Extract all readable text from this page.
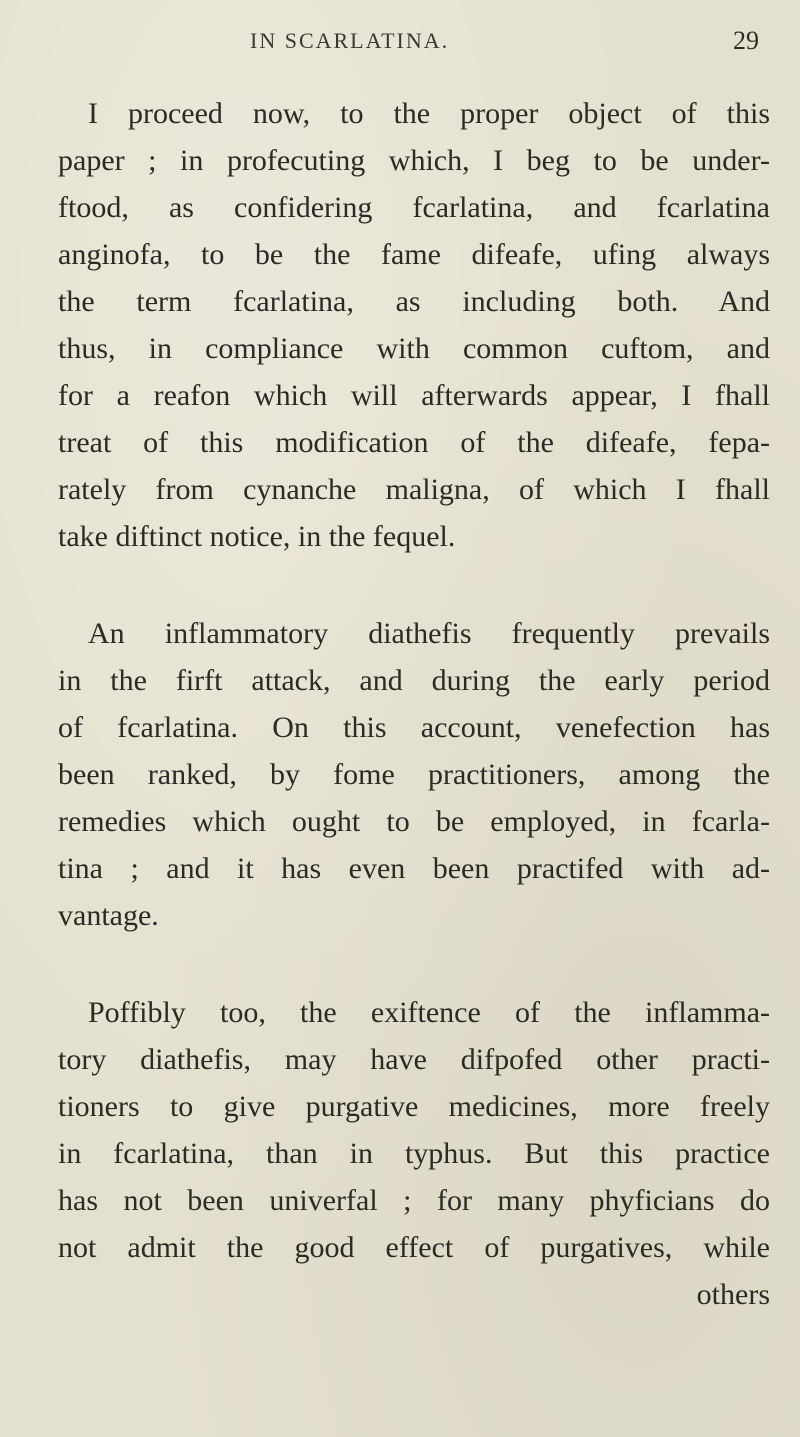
IN SCARLATINA.	29

I proceed now, to the proper object of this
paper ; in profecuting which, I beg to be under-
ftood, as confidering fcarlatina, and fcarlatina
anginofa, to be the fame difeafe, ufing always
the term fcarlatina, as including both. And
thus, in compliance with common cuftom, and
for a reafon which will afterwards appear, I fhall
treat of this modification of the difeafe, fepa-
rately from cynanche maligna, of which I fhall
take diftinct notice, in the fequel.

An inflammatory diathefis frequently prevails
in the firft attack, and during the early period
of fcarlatina. On this account, venefection has
been ranked, by fome practitioners, among the
remedies which ought to be employed, in fcarla-
tina ; and it has even been practifed with ad-
vantage.

Poffibly too, the exiftence of the inflamma-
tory diathefis, may have difpofed other practi-
tioners to give purgative medicines, more freely
in fcarlatina, than in typhus. But this practice
has not been univerfal ; for many phyficians do
not admit the good effect of purgatives, while
others
